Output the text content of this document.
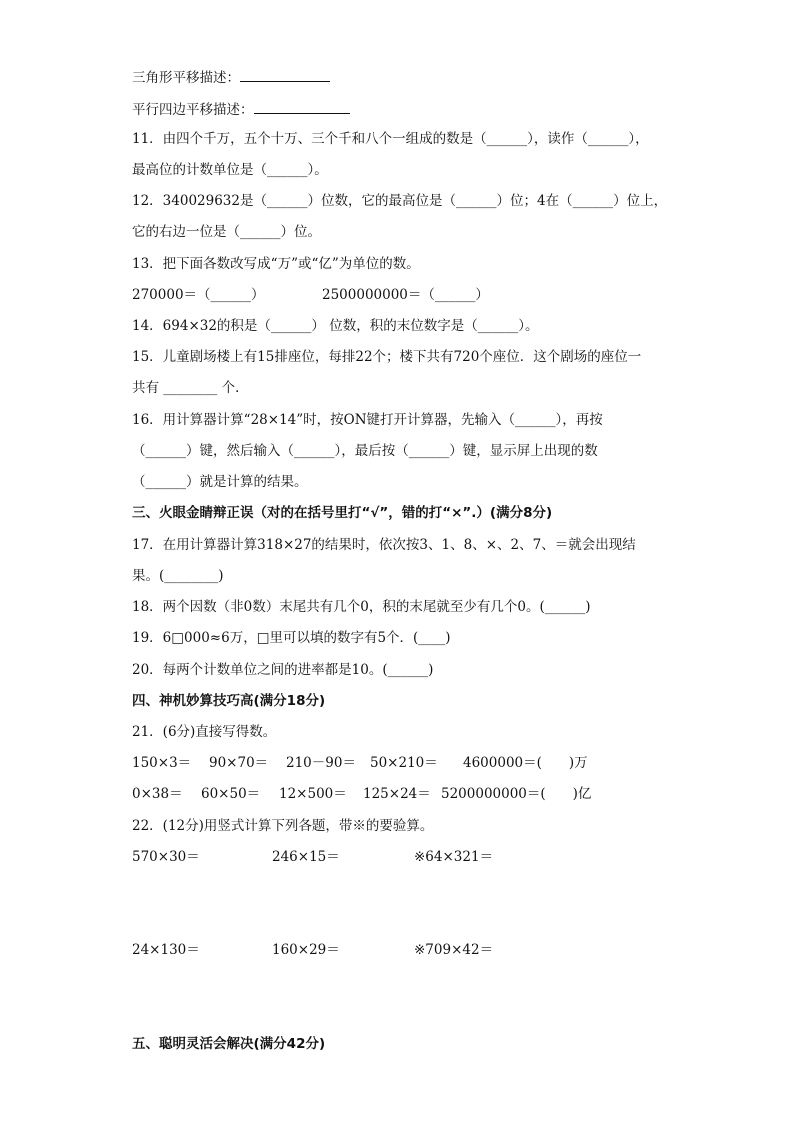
三角形平移描述：
平行四边平移描述：
11．由四个千万，五个十万、三个千和八个一组成的数是（______），读作（______），
最高位的计数单位是（______）。
12．340029632是（______）位数，它的最高位是（______）位；4在（______）位上，
它的右边一位是（______）位。
13．把下面各数改写成“万”或“亿”为单位的数。
270000＝（______）	2500000000＝（______）
14．694×32的积是（______） 位数，积的末位数字是（______）。
15．儿童剧场楼上有15排座位，每排22个；楼下共有720个座位．这个剧场的座位一
共有 ________ 个．
16．用计算器计算“28×14”时，按ON键打开计算器，先输入（______），再按
（______）键，然后输入（______），最后按（______）键，显示屏上出现的数
（______）就是计算的结果。
三、火眼金睛辩正误（对的在括号里打“√”，错的打“×”.）(满分8分)
17．在用计算器计算318×27的结果时，依次按3、1、8、×、2、7、＝就会出现结
果。(________)
18．两个因数（非0数）末尾共有几个0，积的末尾就至少有几个0。(______)
19．6□000≈6万，□里可以填的数字有5个．(____)
20．每两个计数单位之间的进率都是10。(______)
四、神机妙算技巧高(满分18分)
21．(6分)直接写得数。
150×3＝ 90×70＝ 210－90＝ 50×210＝ 4600000＝(　　)万
0×38＝ 60×50＝ 12×500＝ 125×24＝ 5200000000＝(　　)亿
22．(12分)用竖式计算下列各题，带※的要验算。
570×30＝	246×15＝	※64×321＝
24×130＝	160×29＝	※709×42＝
五、聪明灵活会解决(满分42分)
